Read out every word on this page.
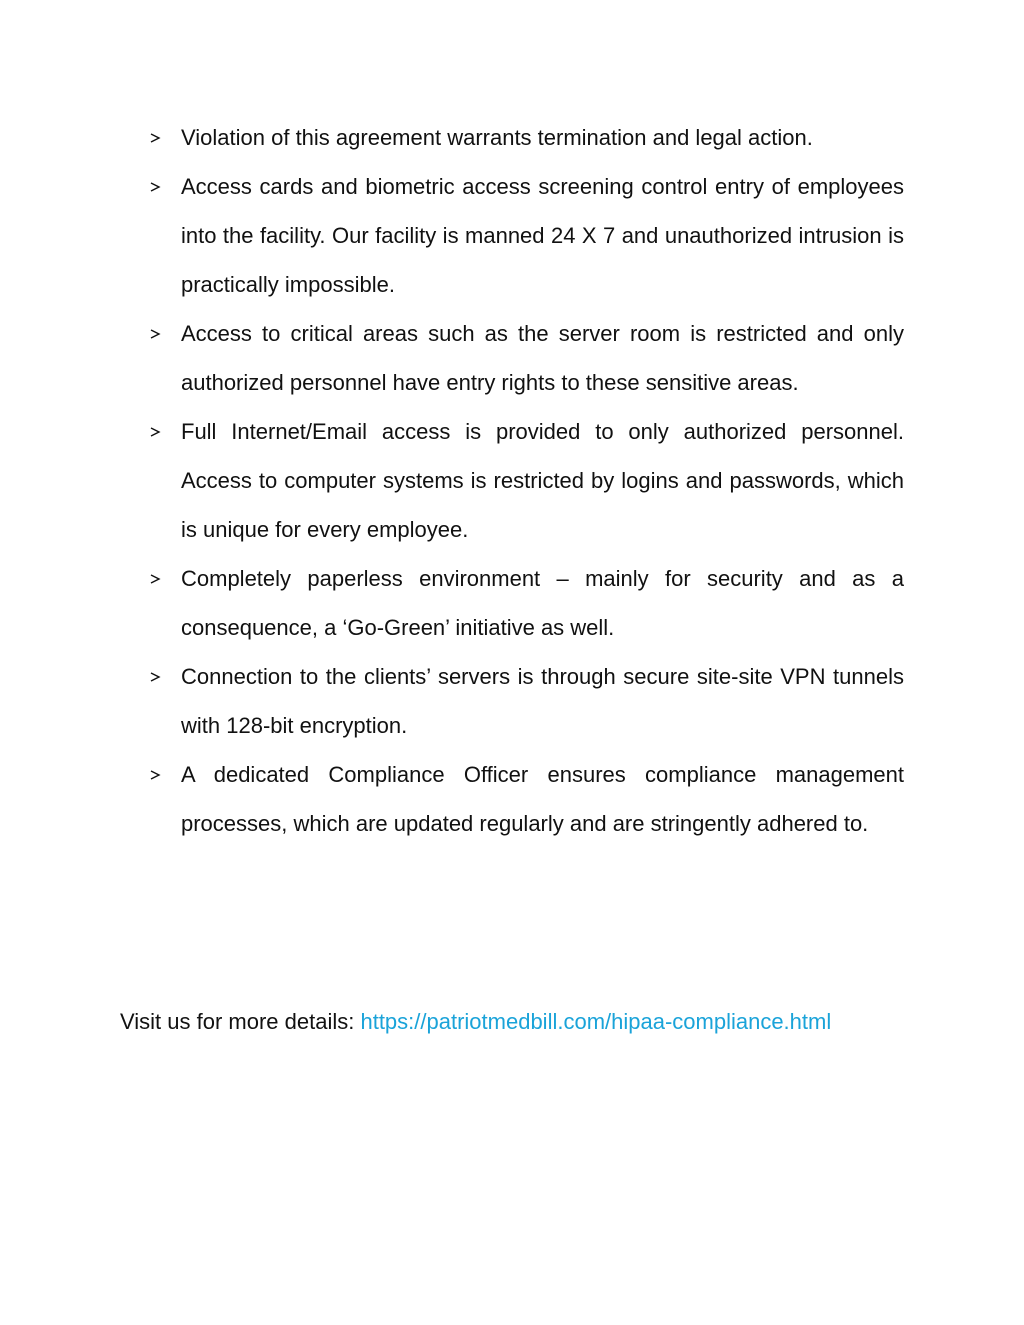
Violation of this agreement warrants termination and legal action.
Access cards and biometric access screening control entry of employees into the facility. Our facility is manned 24 X 7 and unauthorized intrusion is practically impossible.
Access to critical areas such as the server room is restricted and only authorized personnel have entry rights to these sensitive areas.
Full Internet/Email access is provided to only authorized personnel. Access to computer systems is restricted by logins and passwords, which is unique for every employee.
Completely paperless environment – mainly for security and as a consequence, a ‘Go-Green’ initiative as well.
Connection to the clients’ servers is through secure site-site VPN tunnels with 128-bit encryption.
A dedicated Compliance Officer ensures compliance management processes, which are updated regularly and are stringently adhered to.
Visit us for more details: https://patriotmedbill.com/hipaa-compliance.html
